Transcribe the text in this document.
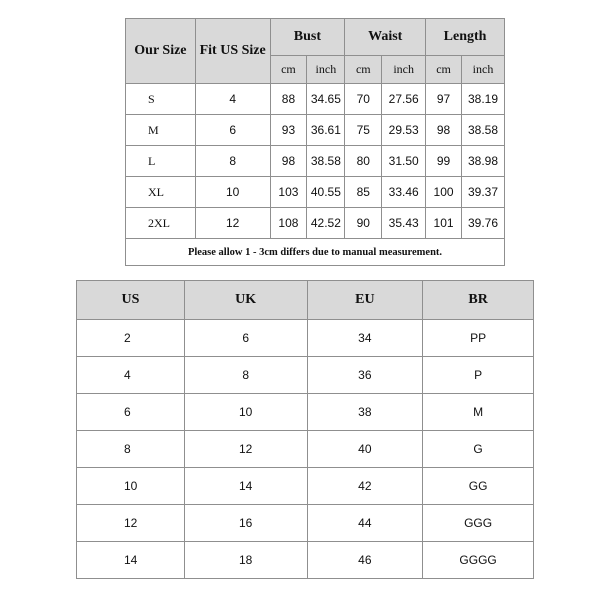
Our Size	Fit US Size	Bust		Waist		Length	
		cm	inch	cm	inch	cm	inch
S	4	88	34.65	70	27.56	97	38.19
M	6	93	36.61	75	29.53	98	38.58
L	8	98	38.58	80	31.50	99	38.98
XL	10	103	40.55	85	33.46	100	39.37
2XL	12	108	42.52	90	35.43	101	39.76
Please allow 1 - 3cm differs due to manual measurement.							
US	UK	EU	BR
2	6	34	PP
4	8	36	P
6	10	38	M
8	12	40	G
10	14	42	GG
12	16	44	GGG
14	18	46	GGGG
